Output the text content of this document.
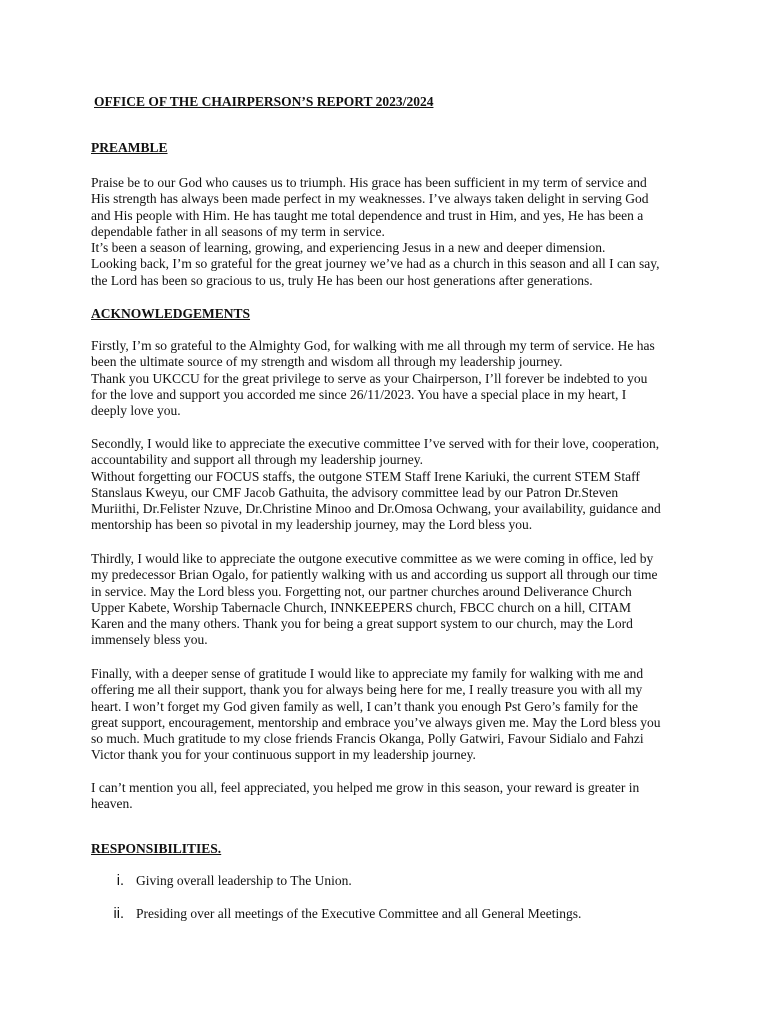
OFFICE OF THE CHAIRPERSON’S REPORT 2023/2024
PREAMBLE
Praise be to our God who causes us to triumph. His grace has been sufficient in my term of service and
His strength has always been made perfect in my weaknesses. I’ve always taken delight in serving God
and His people with Him. He has taught me total dependence and trust in Him, and yes, He has been a
dependable father in all seasons of my term in service.
It’s been a season of learning, growing, and experiencing Jesus in a new and deeper dimension.
Looking back, I’m so grateful for the great journey we’ve had as a church in this season and all I can say,
the Lord has been so gracious to us, truly He has been our host generations after generations.
ACKNOWLEDGEMENTS
Firstly, I’m so grateful to the Almighty God, for walking with me all through my term of service. He has
been the ultimate source of my strength and wisdom all through my leadership journey.
Thank you UKCCU for the great privilege to serve as your Chairperson, I’ll forever be indebted to you
for the love and support you accorded me since 26/11/2023. You have a special place in my heart, I
deeply love you.
Secondly, I would like to appreciate the executive committee I’ve served with for their love, cooperation,
accountability and support all through my leadership journey.
Without forgetting our FOCUS staffs, the outgone STEM Staff Irene Kariuki, the current STEM Staff
Stanslaus Kweyu, our CMF Jacob Gathuita, the advisory committee lead by our Patron Dr.Steven
Muriithi, Dr.Felister Nzuve, Dr.Christine Minoo and Dr.Omosa Ochwang, your availability, guidance and
mentorship has been so pivotal in my leadership journey, may the Lord bless you.
Thirdly, I would like to appreciate the outgone executive committee as we were coming in office, led by
my predecessor Brian Ogalo, for patiently walking with us and according us support all through our time
in service. May the Lord bless you. Forgetting not, our partner churches around Deliverance Church
Upper Kabete, Worship Tabernacle Church, INNKEEPERS church, FBCC church on a hill, CITAM
Karen and the many others. Thank you for being a great support system to our church, may the Lord
immensely bless you.
Finally, with a deeper sense of gratitude I would like to appreciate my family for walking with me and
offering me all their support, thank you for always being here for me, I really treasure you with all my
heart. I won’t forget my God given family as well, I can’t thank you enough Pst Gero’s family for the
great support, encouragement, mentorship and embrace you’ve always given me. May the Lord bless you
so much. Much gratitude to my close friends Francis Okanga, Polly Gatwiri, Favour Sidialo and Fahzi
Victor thank you for your continuous support in my leadership journey.
I can’t mention you all, feel appreciated, you helped me grow in this season, your reward is greater in
heaven.
RESPONSIBILITIES.
i. Giving overall leadership to The Union.
ii. Presiding over all meetings of the Executive Committee and all General Meetings.
